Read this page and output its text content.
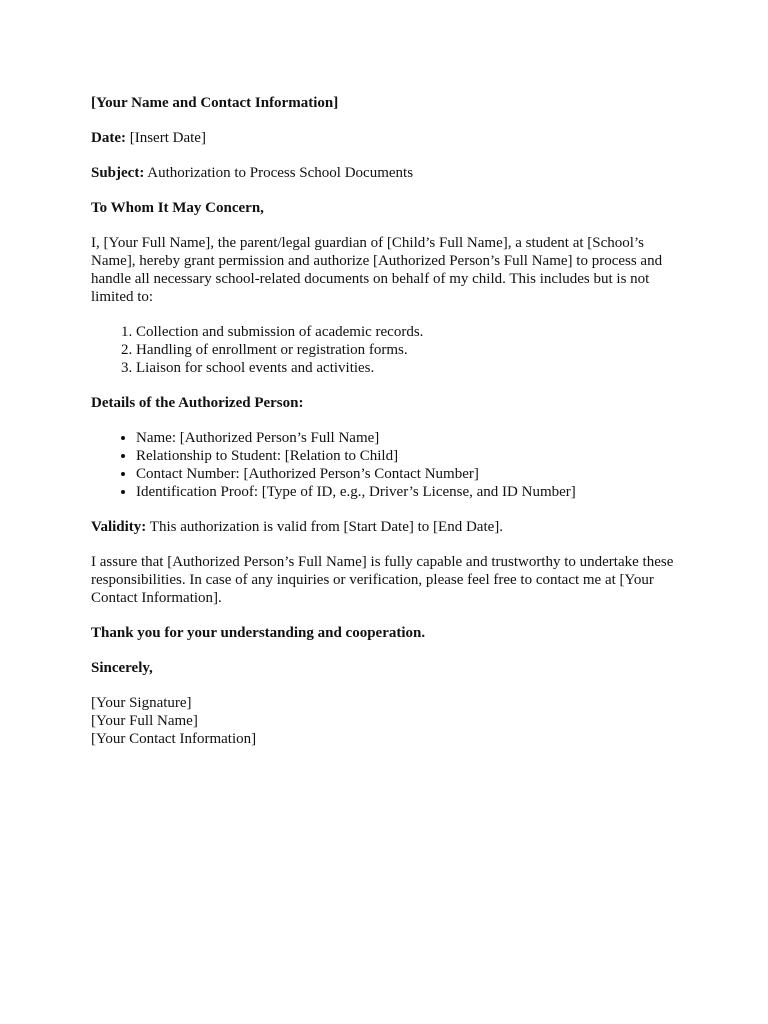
[Your Name and Contact Information]

Date: [Insert Date]

Subject: Authorization to Process School Documents

To Whom It May Concern,

I, [Your Full Name], the parent/legal guardian of [Child’s Full Name], a student at [School’s Name], hereby grant permission and authorize [Authorized Person’s Full Name] to process and handle all necessary school-related documents on behalf of my child. This includes but is not limited to:

1. Collection and submission of academic records.
2. Handling of enrollment or registration forms.
3. Liaison for school events and activities.

Details of the Authorized Person:

• Name: [Authorized Person’s Full Name]
• Relationship to Student: [Relation to Child]
• Contact Number: [Authorized Person’s Contact Number]
• Identification Proof: [Type of ID, e.g., Driver’s License, and ID Number]

Validity: This authorization is valid from [Start Date] to [End Date].

I assure that [Authorized Person’s Full Name] is fully capable and trustworthy to undertake these responsibilities. In case of any inquiries or verification, please feel free to contact me at [Your Contact Information].

Thank you for your understanding and cooperation.

Sincerely,

[Your Signature]

[Your Full Name]

[Your Contact Information]
